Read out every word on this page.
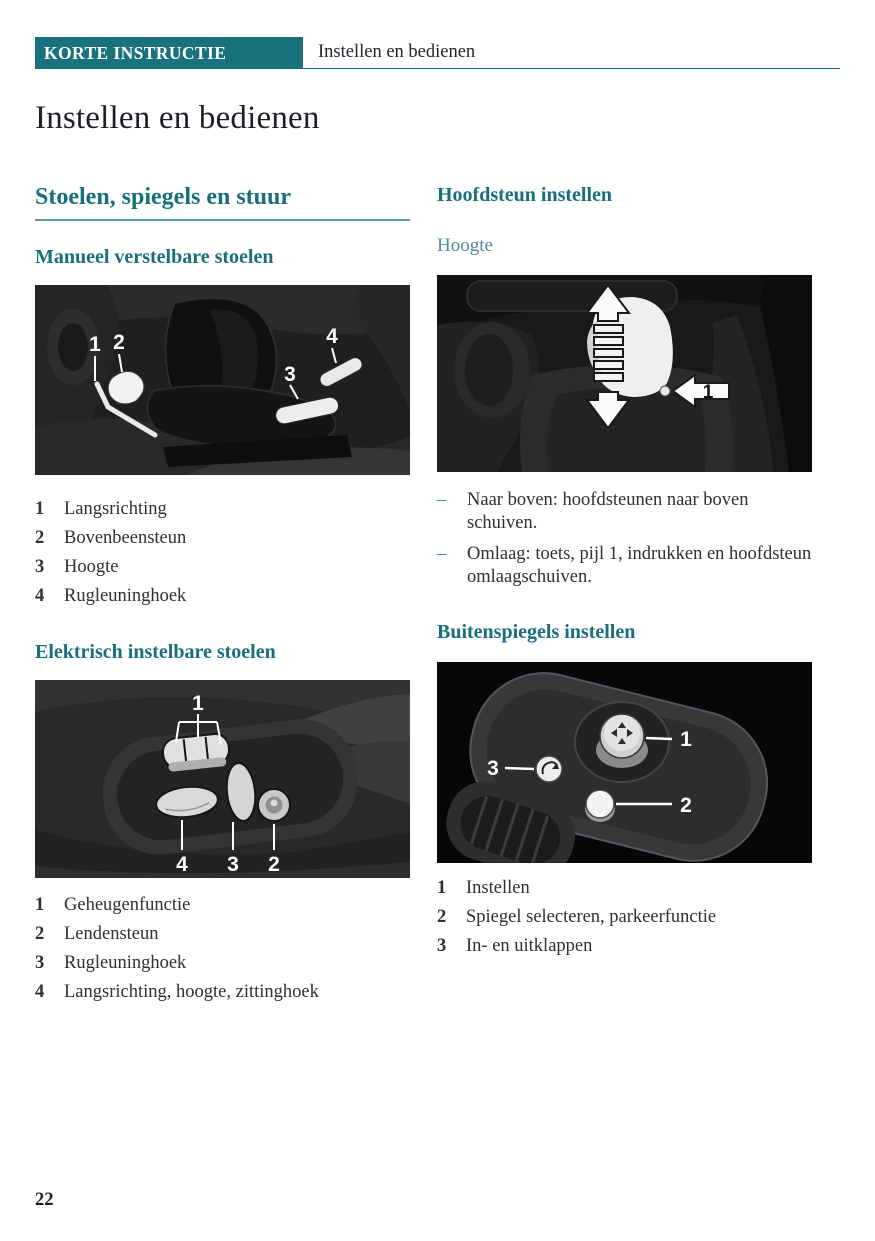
KORTE INSTRUCTIE	Instellen en bedienen
Instellen en bedienen
Stoelen, spiegels en stuur
Manueel verstelbare stoelen
1 2
3
4
1	Langsrichting
2	Bovenbeensteun
3	Hoogte
4	Rugleuninghoek
Elektrisch instelbare stoelen
1
4 3 2
1	Geheugenfunctie
2	Lendensteun
3	Rugleuninghoek
4	Langsrichting, hoogte, zittinghoek
Hoofdsteun instellen
Hoogte
1
–	Naar boven: hoofdsteunen naar boven schuiven.
–	Omlaag: toets, pijl 1, indrukken en hoofdsteun omlaagschuiven.
Buitenspiegels instellen
1
2
3
1	Instellen
2	Spiegel selecteren, parkeerfunctie
3	In- en uitklappen
22
